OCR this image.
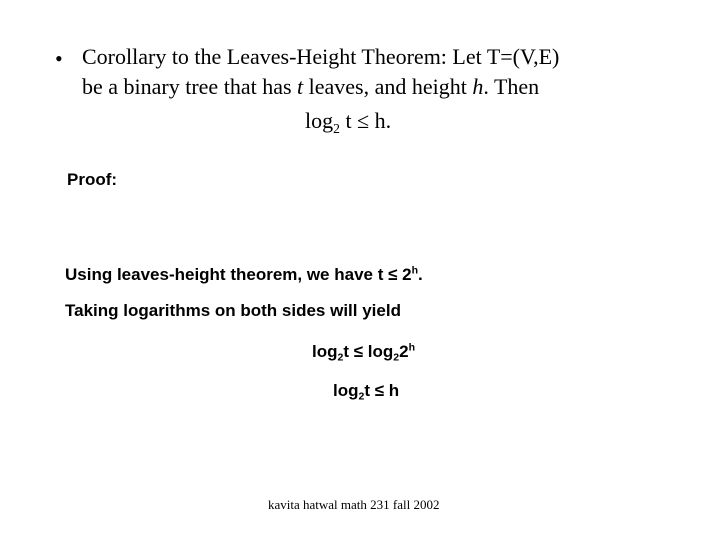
• Corollary to the Leaves-Height Theorem: Let T=(V,E)
be a binary tree that has t leaves, and height h. Then
$\log_2 t \le h$.
Proof:
Using leaves-height theorem, we have $t \le 2^h$.
Taking logarithms on both sides will yield
$\log_2t \le \log_22^h$
$\log_2t \le h$
kavita hatwal math 231 fall 2002
